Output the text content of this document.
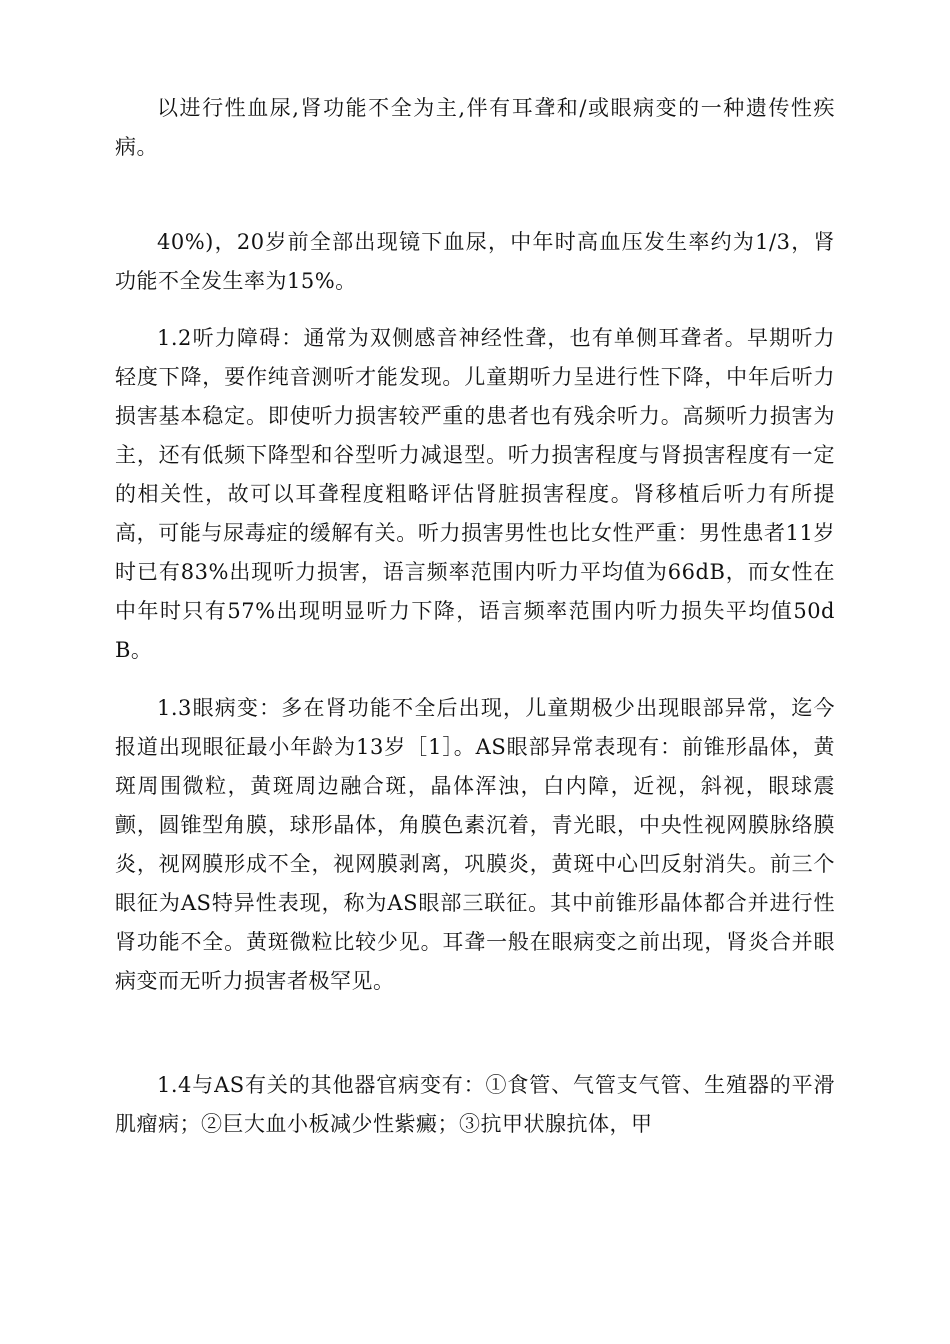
以进行性血尿,肾功能不全为主,伴有耳聋和/或眼病变的一种遗传性疾病。

40%)，20岁前全部出现镜下血尿，中年时高血压发生率约为1/3，肾功能不全发生率为15%。

1.2听力障碍：通常为双侧感音神经性聋，也有单侧耳聋者。早期听力轻度下降，要作纯音测听才能发现。儿童期听力呈进行性下降，中年后听力损害基本稳定。即使听力损害较严重的患者也有残余听力。高频听力损害为主，还有低频下降型和谷型听力减退型。听力损害程度与肾损害程度有一定的相关性，故可以耳聋程度粗略评估肾脏损害程度。肾移植后听力有所提高，可能与尿毒症的缓解有关。听力损害男性也比女性严重：男性患者11岁时已有83%出现听力损害，语言频率范围内听力平均值为66dB，而女性在中年时只有57%出现明显听力下降，语言频率范围内听力损失平均值50dB。

1.3眼病变：多在肾功能不全后出现，儿童期极少出现眼部异常，迄今报道出现眼征最小年龄为13岁［1］。AS眼部异常表现有：前锥形晶体，黄斑周围微粒，黄斑周边融合斑，晶体浑浊，白内障，近视，斜视，眼球震颤，圆锥型角膜，球形晶体，角膜色素沉着，青光眼，中央性视网膜脉络膜炎，视网膜形成不全，视网膜剥离，巩膜炎，黄斑中心凹反射消失。前三个眼征为AS特异性表现，称为AS眼部三联征。其中前锥形晶体都合并进行性肾功能不全。黄斑微粒比较少见。耳聋一般在眼病变之前出现，肾炎合并眼病变而无听力损害者极罕见。

1.4与AS有关的其他器官病变有：①食管、气管支气管、生殖器的平滑肌瘤病；②巨大血小板减少性紫癜；③抗甲状腺抗体，甲
